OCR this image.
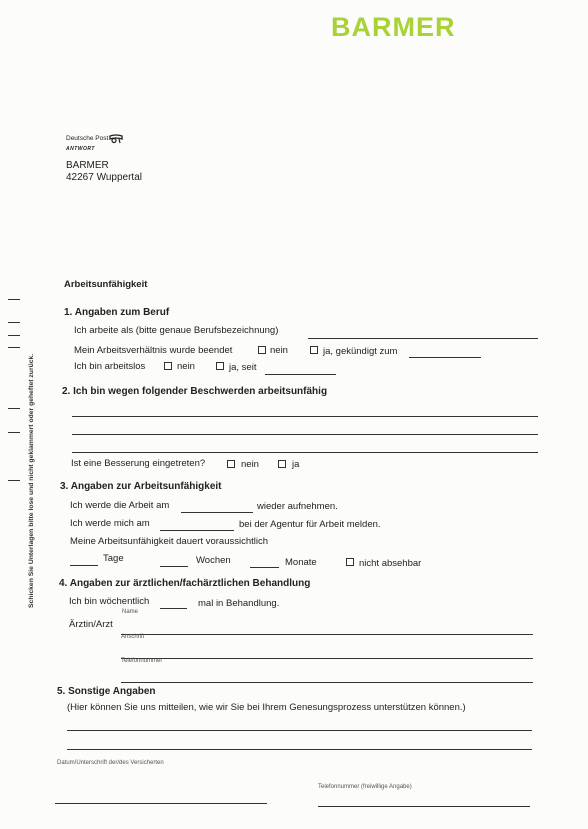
BARMER
Deutsche Post
ANTWORT
BARMER
42267 Wuppertal
Schicken Sie Unterlagen bitte lose und nicht geklammert oder geheftet zurück.
Arbeitsunfähigkeit
1. Angaben zum Beruf
Ich arbeite als (bitte genaue Berufsbezeichnung)
Mein Arbeitsverhältnis wurde beendet	nein	ja, gekündigt zum
Ich bin arbeitslos	nein	ja, seit
2. Ich bin wegen folgender Beschwerden arbeitsunfähig
Ist eine Besserung eingetreten?	nein	ja
3. Angaben zur Arbeitsunfähigkeit
Ich werde die Arbeit am	wieder aufnehmen.
Ich werde mich am	bei der Agentur für Arbeit melden.
Meine Arbeitsunfähigkeit dauert voraussichtlich
Tage	Wochen	Monate	nicht absehbar
4. Angaben zur ärztlichen/fachärztlichen Behandlung
Ich bin wöchentlich	mal in Behandlung.
Name
Ärztin/Arzt
Anschrift
Telefonnummer
5. Sonstige Angaben
(Hier können Sie uns mitteilen, wie wir Sie bei Ihrem Genesungsprozess unterstützen können.)
Datum/Unterschrift der/des Versicherten
Telefonnummer (freiwillige Angabe)
